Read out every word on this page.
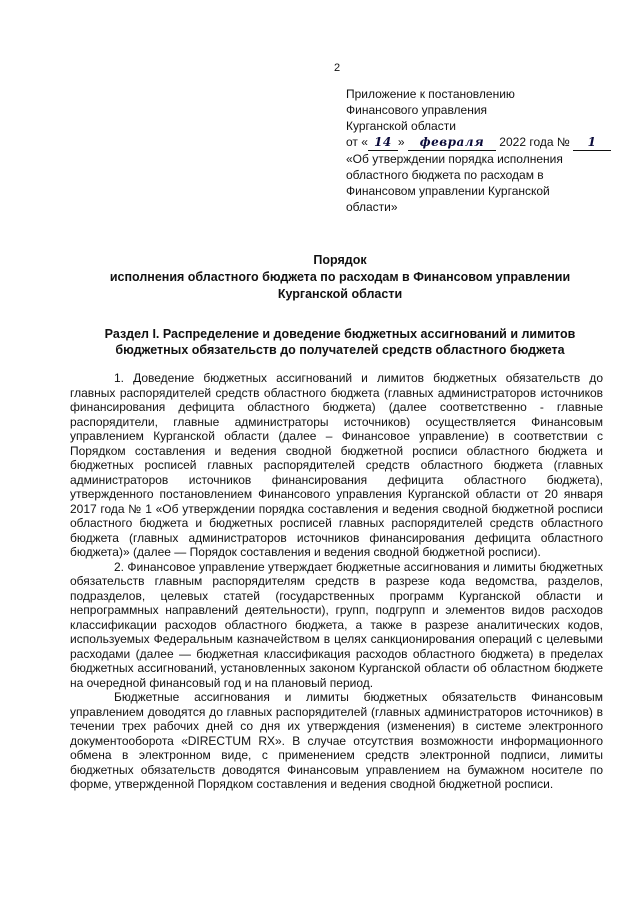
2
Приложение к постановлению
Финансового управления
Курганской области
от « 14 » февраля 2022 года № 1
«Об утверждении порядка исполнения
областного бюджета по расходам в
Финансовом управлении Курганской
области»
Порядок
исполнения областного бюджета по расходам в Финансовом управлении
Курганской области
Раздел I. Распределение и доведение бюджетных ассигнований и лимитов
бюджетных обязательств до получателей средств областного бюджета

1. Доведение бюджетных ассигнований и лимитов бюджетных обязательств до главных распорядителей средств областного бюджета (главных администраторов источников финансирования дефицита областного бюджета) (далее соответственно - главные распорядители, главные администраторы источников) осуществляется Финансовым управлением Курганской области (далее – Финансовое управление) в соответствии с Порядком составления и ведения сводной бюджетной росписи областного бюджета и бюджетных росписей главных распорядителей средств областного бюджета (главных администраторов источников финансирования дефицита областного бюджета), утвержденного постановлением Финансового управления Курганской области от 20 января 2017 года № 1 «Об утверждении порядка составления и ведения сводной бюджетной росписи областного бюджета и бюджетных росписей главных распорядителей средств областного бюджета (главных администраторов источников финансирования дефицита областного бюджета)» (далее — Порядок составления и ведения сводной бюджетной росписи).

2. Финансовое управление утверждает бюджетные ассигнования и лимиты бюджетных обязательств главным распорядителям средств в разрезе кода ведомства, разделов, подразделов, целевых статей (государственных программ Курганской области и непрограммных направлений деятельности), групп, подгрупп и элементов видов расходов классификации расходов областного бюджета, а также в разрезе аналитических кодов, используемых Федеральным казначейством в целях санкционирования операций с целевыми расходами (далее — бюджетная классификация расходов областного бюджета) в пределах бюджетных ассигнований, установленных законом Курганской области об областном бюджете на очередной финансовый год и на плановый период.

Бюджетные ассигнования и лимиты бюджетных обязательств Финансовым управлением доводятся до главных распорядителей (главных администраторов источников) в течении трех рабочих дней со дня их утверждения (изменения) в системе электронного документооборота «DIRECTUM RX». В случае отсутствия возможности информационного обмена в электронном виде, с применением средств электронной подписи, лимиты бюджетных обязательств доводятся Финансовым управлением на бумажном носителе по форме, утвержденной Порядком составления и ведения сводной бюджетной росписи.
